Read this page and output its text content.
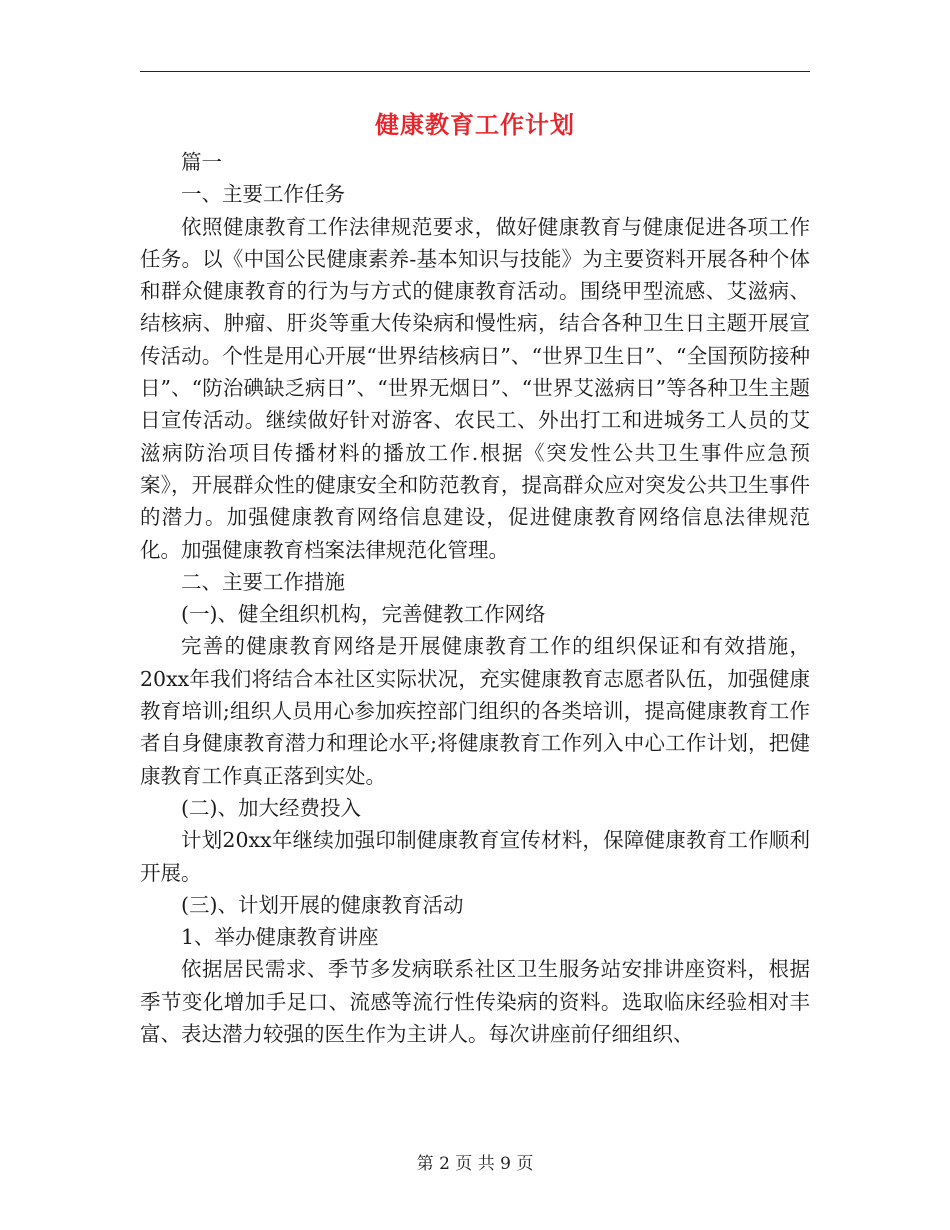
健康教育工作计划

篇一

一、主要工作任务

依照健康教育工作法律规范要求，做好健康教育与健康促进各项工作任务。以《中国公民健康素养-基本知识与技能》为主要资料开展各种个体和群众健康教育的行为与方式的健康教育活动。围绕甲型流感、艾滋病、结核病、肿瘤、肝炎等重大传染病和慢性病，结合各种卫生日主题开展宣传活动。个性是用心开展“世界结核病日”、“世界卫生日”、“全国预防接种日”、“防治碘缺乏病日”、“世界无烟日”、“世界艾滋病日”等各种卫生主题日宣传活动。继续做好针对游客、农民工、外出打工和进城务工人员的艾滋病防治项目传播材料的播放工作.根据《突发性公共卫生事件应急预案》，开展群众性的健康安全和防范教育，提高群众应对突发公共卫生事件的潜力。加强健康教育网络信息建设，促进健康教育网络信息法律规范化。加强健康教育档案法律规范化管理。

二、主要工作措施

(一)、健全组织机构，完善健教工作网络

完善的健康教育网络是开展健康教育工作的组织保证和有效措施，20xx年我们将结合本社区实际状况，充实健康教育志愿者队伍，加强健康教育培训;组织人员用心参加疾控部门组织的各类培训，提高健康教育工作者自身健康教育潜力和理论水平;将健康教育工作列入中心工作计划，把健康教育工作真正落到实处。

(二)、加大经费投入

计划20xx年继续加强印制健康教育宣传材料，保障健康教育工作顺利开展。

(三)、计划开展的健康教育活动

1、举办健康教育讲座

依据居民需求、季节多发病联系社区卫生服务站安排讲座资料，根据季节变化增加手足口、流感等流行性传染病的资料。选取临床经验相对丰富、表达潜力较强的医生作为主讲人。每次讲座前仔细组织、

第 2 页 共 9 页
